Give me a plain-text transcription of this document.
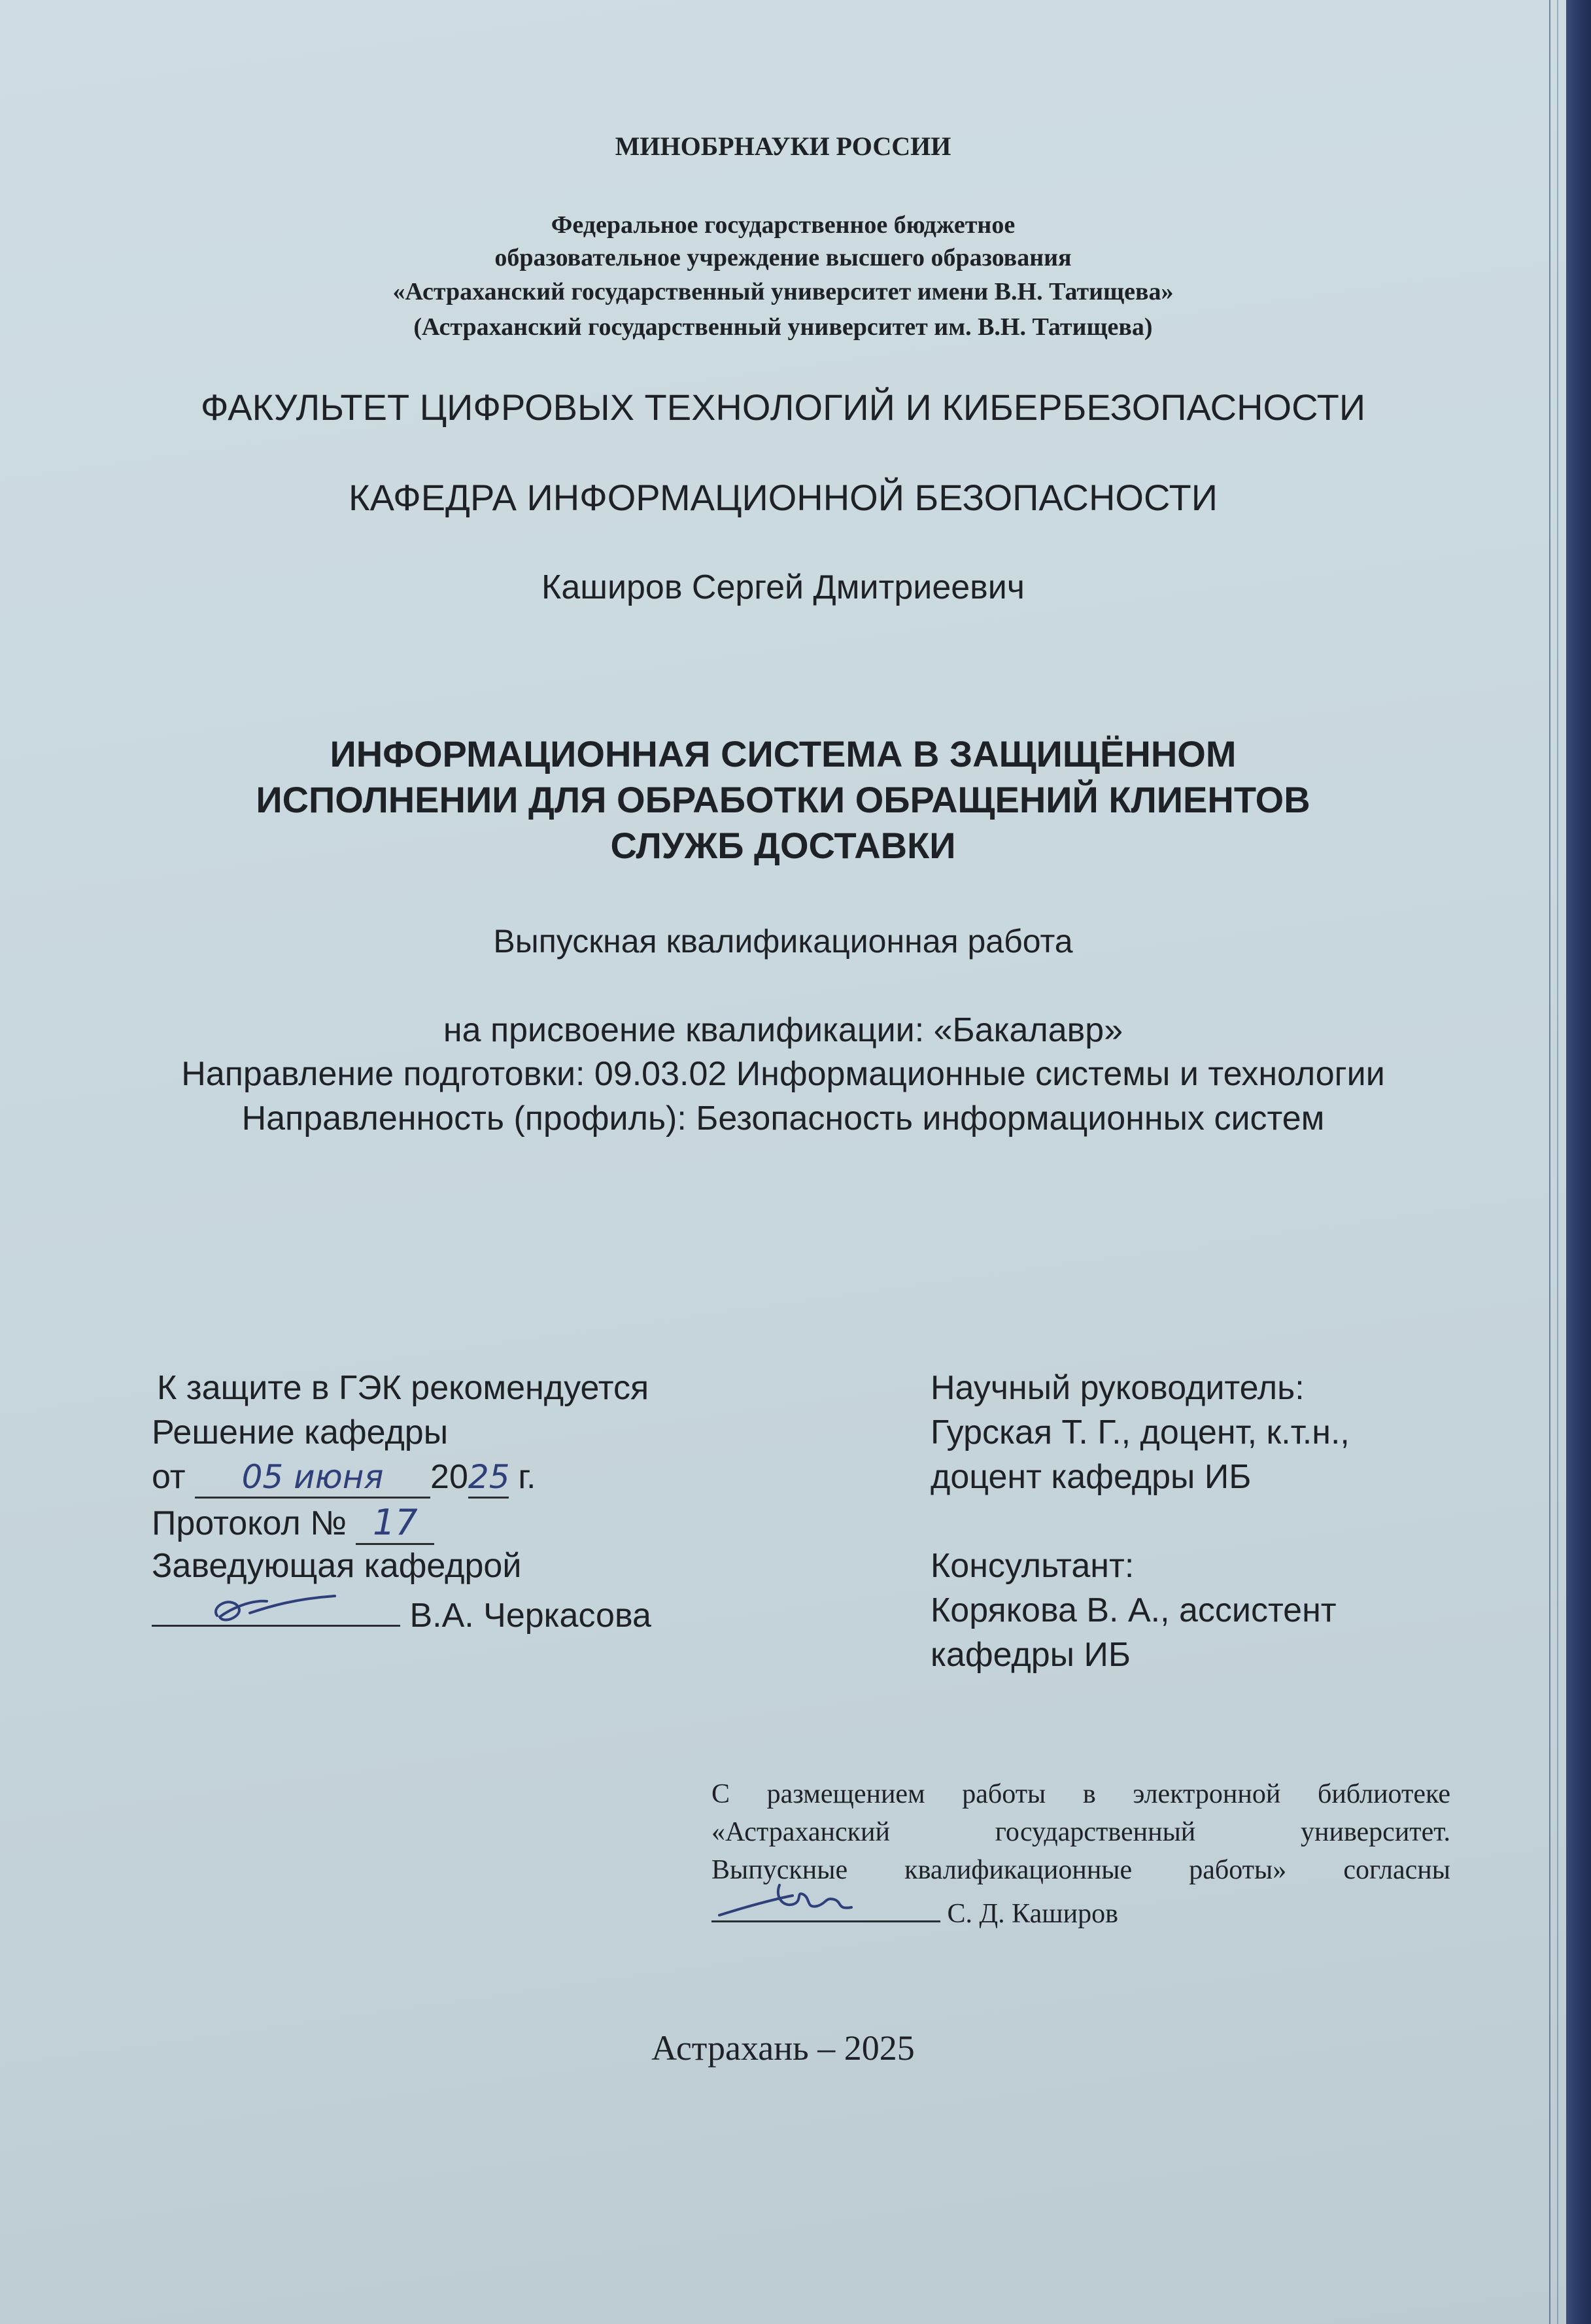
МИНОБРНАУКИ РОССИИ
Федеральное государственное бюджетное
образовательное учреждение высшего образования
«Астраханский государственный университет имени В.Н. Татищева»
(Астраханский государственный университет им. В.Н. Татищева)
ФАКУЛЬТЕТ ЦИФРОВЫХ ТЕХНОЛОГИЙ И КИБЕРБЕЗОПАСНОСТИ
КАФЕДРА ИНФОРМАЦИОННОЙ БЕЗОПАСНОСТИ
Каширов Сергей Дмитриеевич
ИНФОРМАЦИОННАЯ СИСТЕМА В ЗАЩИЩЁННОМ
ИСПОЛНЕНИИ ДЛЯ ОБРАБОТКИ ОБРАЩЕНИЙ КЛИЕНТОВ
СЛУЖБ ДОСТАВКИ
Выпускная квалификационная работа
на присвоение квалификации: «Бакалавр»
Направление подготовки: 09.03.02 Информационные системы и технологии
Направленность (профиль): Безопасность информационных систем
К защите в ГЭК рекомендуется
Решение кафедры
от 05 июня 2025 г.
Протокол № 17
Заведующая кафедрой
В.А. Черкасова
Научный руководитель:
Гурская Т. Г., доцент, к.т.н.,
доцент кафедры ИБ
Консультант:
Корякова В. А., ассистент
кафедры ИБ
С размещением работы в электронной библиотеке
«Астраханский государственный университет.
Выпускные квалификационные работы» согласны
С. Д. Каширов
Астрахань – 2025
